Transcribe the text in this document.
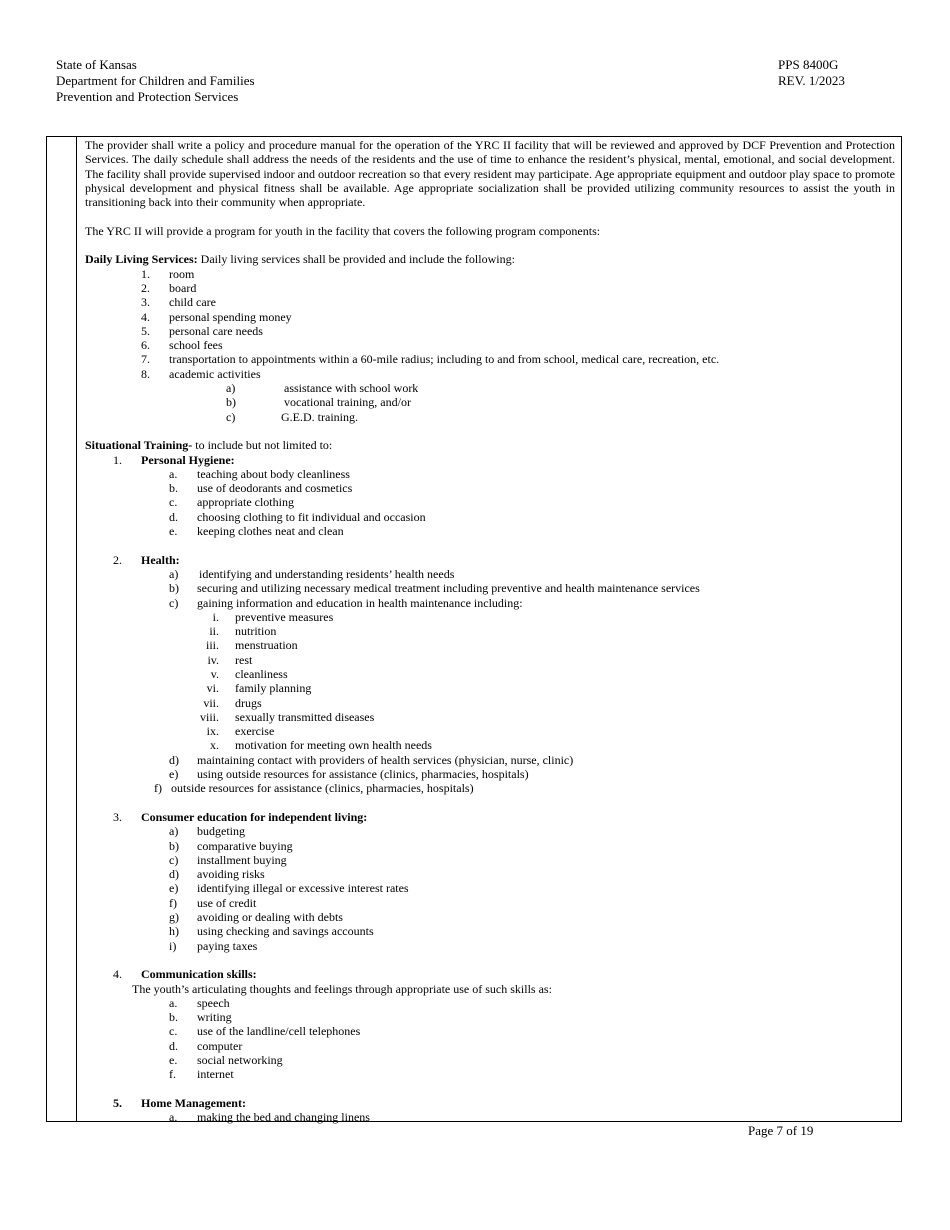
State of Kansas
Department for Children and Families
Prevention and Protection Services
PPS 8400G
REV. 1/2023

The provider shall write a policy and procedure manual for the operation of the YRC II facility that will be reviewed and approved by DCF Prevention and Protection Services. The daily schedule shall address the needs of the residents and the use of time to enhance the resident’s physical, mental, emotional, and social development. The facility shall provide supervised indoor and outdoor recreation so that every resident may participate. Age appropriate equipment and outdoor play space to promote physical development and physical fitness shall be available. Age appropriate socialization shall be provided utilizing community resources to assist the youth in transitioning back into their community when appropriate.

The YRC II will provide a program for youth in the facility that covers the following program components:
Daily Living Services: Daily living services shall be provided and include the following:
1. room
2. board
3. child care
4. personal spending money
5. personal care needs
6. school fees
7. transportation to appointments within a 60-mile radius; including to and from school, medical care, recreation, etc.
8. academic activities
a)	assistance with school work
b)	vocational training, and/or
c)	G.E.D. training.
Situational Training- to include but not limited to:
1. Personal Hygiene:
a. teaching about body cleanliness
b. use of deodorants and cosmetics
c. appropriate clothing
d. choosing clothing to fit individual and occasion
e. keeping clothes neat and clean
2. Health:
a) identifying and understanding residents’ health needs
b) securing and utilizing necessary medical treatment including preventive and health maintenance services
c) gaining information and education in health maintenance including:
i. preventive measures
ii. nutrition
iii. menstruation
iv. rest
v. cleanliness
vi. family planning
vii. drugs
viii. sexually transmitted diseases
ix. exercise
x. motivation for meeting own health needs
d) maintaining contact with providers of health services (physician, nurse, clinic)
e) using outside resources for assistance (clinics, pharmacies, hospitals)
f)   outside resources for assistance (clinics, pharmacies, hospitals)
3. Consumer education for independent living:
a) budgeting
b) comparative buying
c) installment buying
d) avoiding risks
e) identifying illegal or excessive interest rates
f) use of credit
g) avoiding or dealing with debts
h) using checking and savings accounts
i) paying taxes
4. Communication skills:
The youth’s articulating thoughts and feelings through appropriate use of such skills as:
a. speech
b. writing
c. use of the landline/cell telephones
d. computer
e. social networking
f. internet
5. Home Management:
a. making the bed and changing linens
Page 7 of 19
